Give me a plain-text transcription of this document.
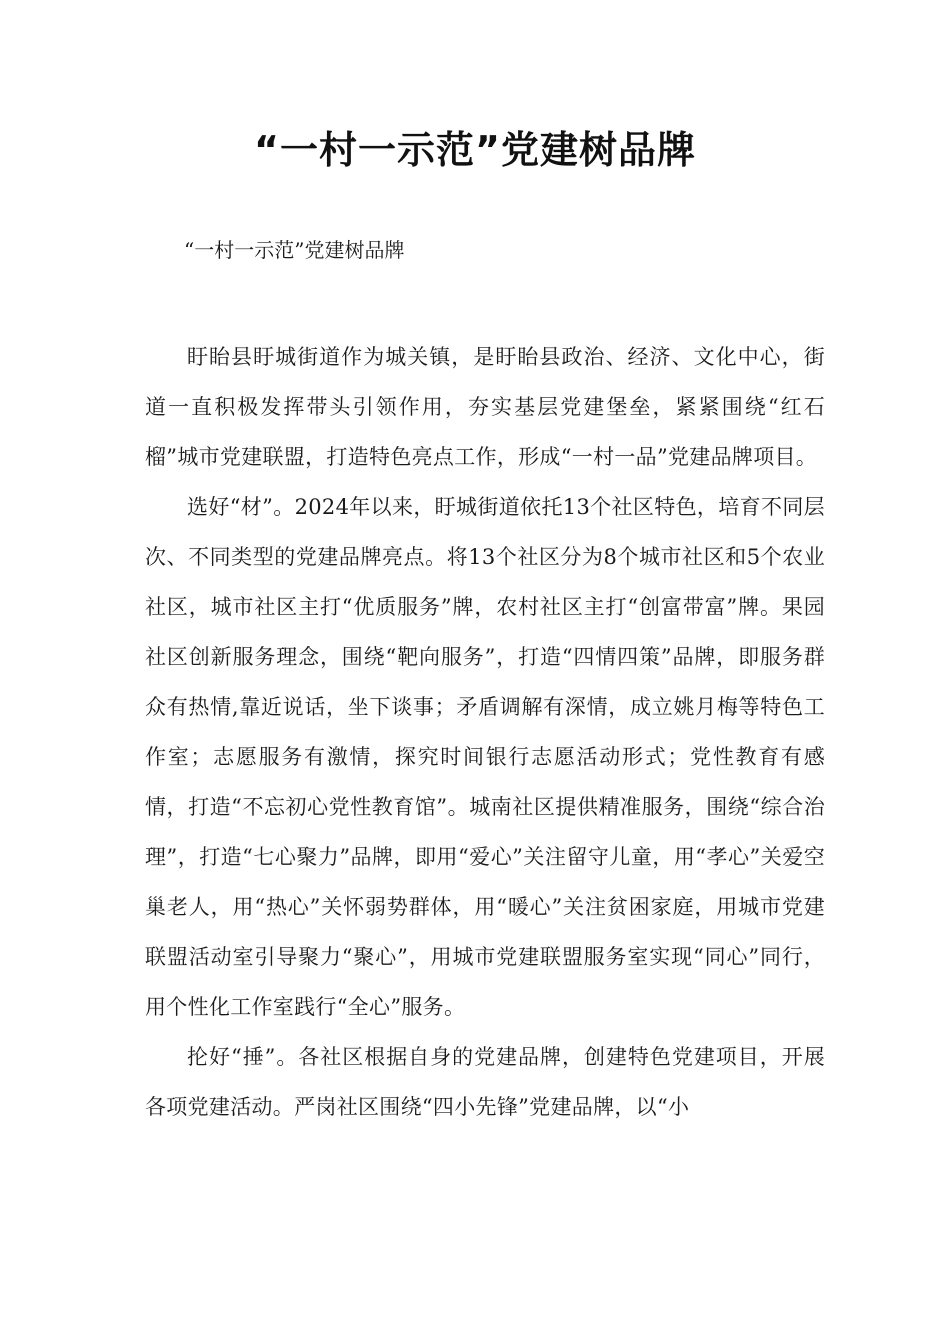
“一村一示范”党建树品牌

“一村一示范”党建树品牌

盱眙县盱城街道作为城关镇，是盱眙县政治、经济、文化中心，街道一直积极发挥带头引领作用，夯实基层党建堡垒，紧紧围绕“红石榴”城市党建联盟，打造特色亮点工作，形成“一村一品”党建品牌项目。

选好“材”。2024年以来，盱城街道依托13个社区特色，培育不同层次、不同类型的党建品牌亮点。将13个社区分为8个城市社区和5个农业社区，城市社区主打“优质服务”牌，农村社区主打“创富带富”牌。果园社区创新服务理念，围绕“靶向服务”，打造“四情四策”品牌，即服务群众有热情,靠近说话，坐下谈事；矛盾调解有深情，成立姚月梅等特色工作室；志愿服务有激情，探究时间银行志愿活动形式；党性教育有感情，打造“不忘初心党性教育馆”。城南社区提供精准服务，围绕“综合治理”，打造“七心聚力”品牌，即用“爱心”关注留守儿童，用“孝心”关爱空巢老人，用“热心”关怀弱势群体，用“暖心”关注贫困家庭，用城市党建联盟活动室引导聚力“聚心”，用城市党建联盟服务室实现“同心”同行，用个性化工作室践行“全心”服务。

抡好“捶”。各社区根据自身的党建品牌，创建特色党建项目，开展各项党建活动。严岗社区围绕“四小先锋”党建品牌，以“小
